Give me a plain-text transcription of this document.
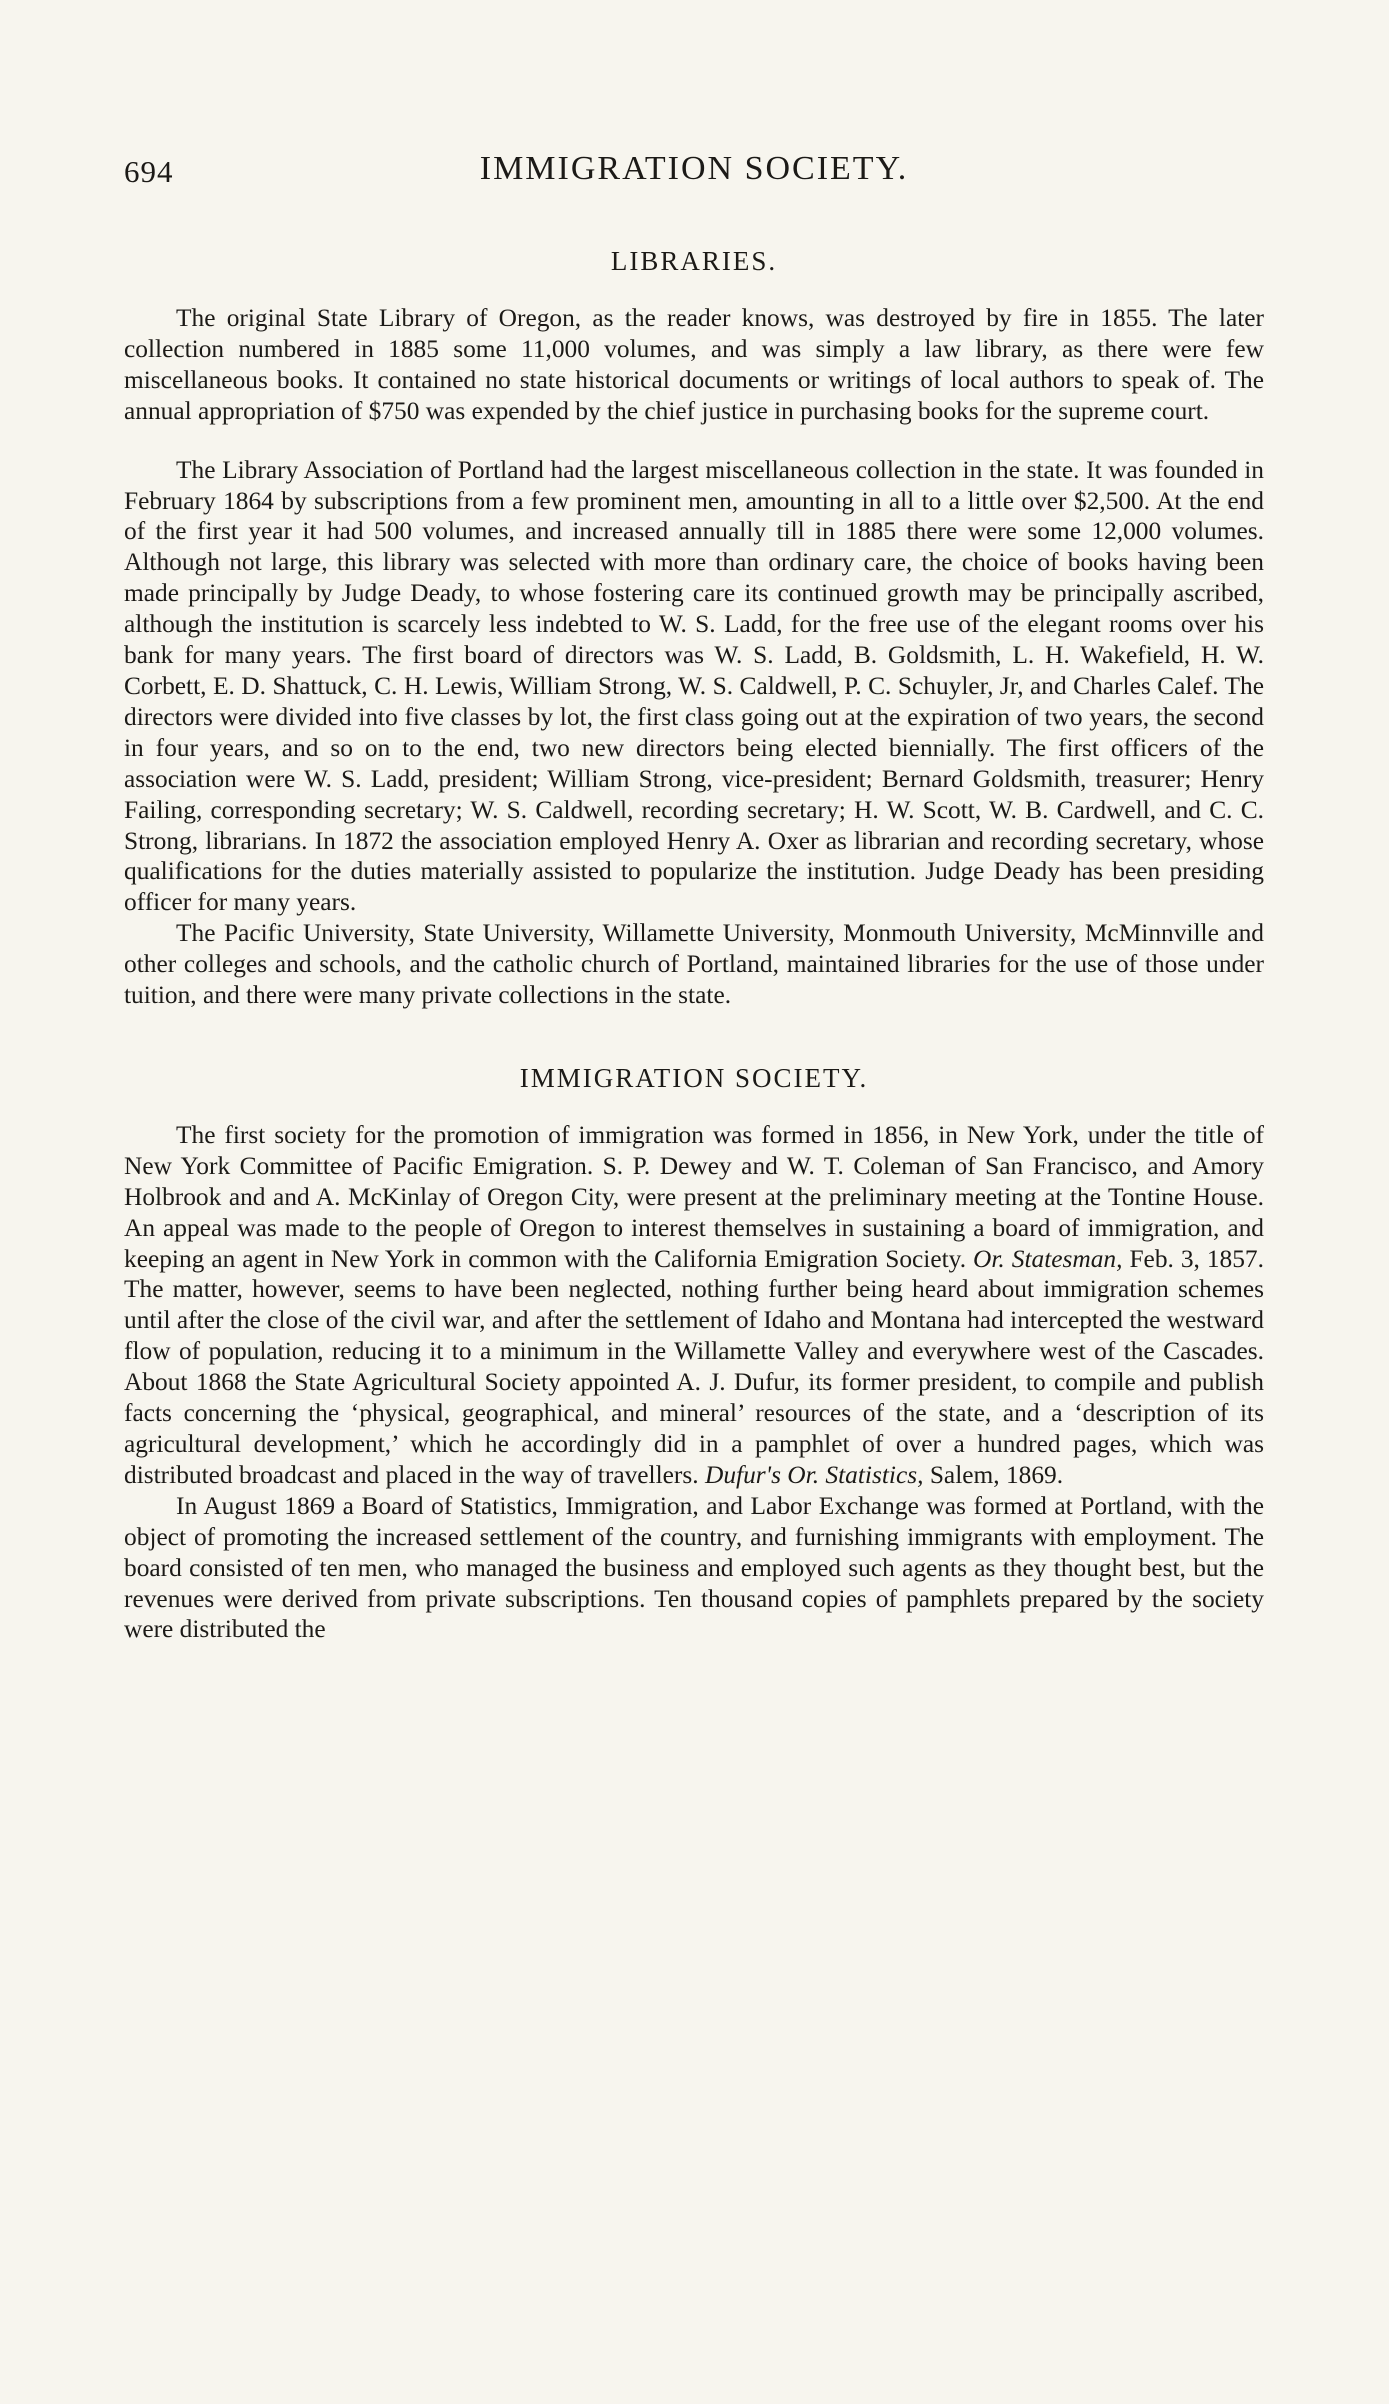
694	IMMIGRATION SOCIETY.
LIBRARIES.

The original State Library of Oregon, as the reader knows, was destroyed by fire in 1855. The later collection numbered in 1885 some 11,000 volumes, and was simply a law library, as there were few miscellaneous books. It contained no state historical documents or writings of local authors to speak of. The annual appropriation of $750 was expended by the chief justice in purchasing books for the supreme court.

The Library Association of Portland had the largest miscellaneous collection in the state. It was founded in February 1864 by subscriptions from a few prominent men, amounting in all to a little over $2,500. At the end of the first year it had 500 volumes, and increased annually till in 1885 there were some 12,000 volumes. Although not large, this library was selected with more than ordinary care, the choice of books having been made principally by Judge Deady, to whose fostering care its continued growth may be principally ascribed, although the institution is scarcely less indebted to W. S. Ladd, for the free use of the elegant rooms over his bank for many years. The first board of directors was W. S. Ladd, B. Goldsmith, L. H. Wakefield, H. W. Corbett, E. D. Shattuck, C. H. Lewis, William Strong, W. S. Caldwell, P. C. Schuyler, Jr, and Charles Calef. The directors were divided into five classes by lot, the first class going out at the expiration of two years, the second in four years, and so on to the end, two new directors being elected biennially. The first officers of the association were W. S. Ladd, president; William Strong, vice-president; Bernard Goldsmith, treasurer; Henry Failing, corresponding secretary; W. S. Caldwell, recording secretary; H. W. Scott, W. B. Cardwell, and C. C. Strong, librarians. In 1872 the association employed Henry A. Oxer as librarian and recording secretary, whose qualifications for the duties materially assisted to popularize the institution. Judge Deady has been presiding officer for many years.

The Pacific University, State University, Willamette University, Monmouth University, McMinnville and other colleges and schools, and the catholic church of Portland, maintained libraries for the use of those under tuition, and there were many private collections in the state.

IMMIGRATION SOCIETY.

The first society for the promotion of immigration was formed in 1856, in New York, under the title of New York Committee of Pacific Emigration. S. P. Dewey and W. T. Coleman of San Francisco, and Amory Holbrook and and A. McKinlay of Oregon City, were present at the preliminary meeting at the Tontine House. An appeal was made to the people of Oregon to interest themselves in sustaining a board of immigration, and keeping an agent in New York in common with the California Emigration Society. Or. Statesman, Feb. 3, 1857. The matter, however, seems to have been neglected, nothing further being heard about immigration schemes until after the close of the civil war, and after the settlement of Idaho and Montana had intercepted the westward flow of population, reducing it to a minimum in the Willamette Valley and everywhere west of the Cascades. About 1868 the State Agricultural Society appointed A. J. Dufur, its former president, to compile and publish facts concerning the ‘physical, geographical, and mineral’ resources of the state, and a ‘description of its agricultural development,’ which he accordingly did in a pamphlet of over a hundred pages, which was distributed broadcast and placed in the way of travellers. Dufur's Or. Statistics, Salem, 1869.

In August 1869 a Board of Statistics, Immigration, and Labor Exchange was formed at Portland, with the object of promoting the increased settlement of the country, and furnishing immigrants with employment. The board consisted of ten men, who managed the business and employed such agents as they thought best, but the revenues were derived from private subscriptions. Ten thousand copies of pamphlets prepared by the society were distributed the
